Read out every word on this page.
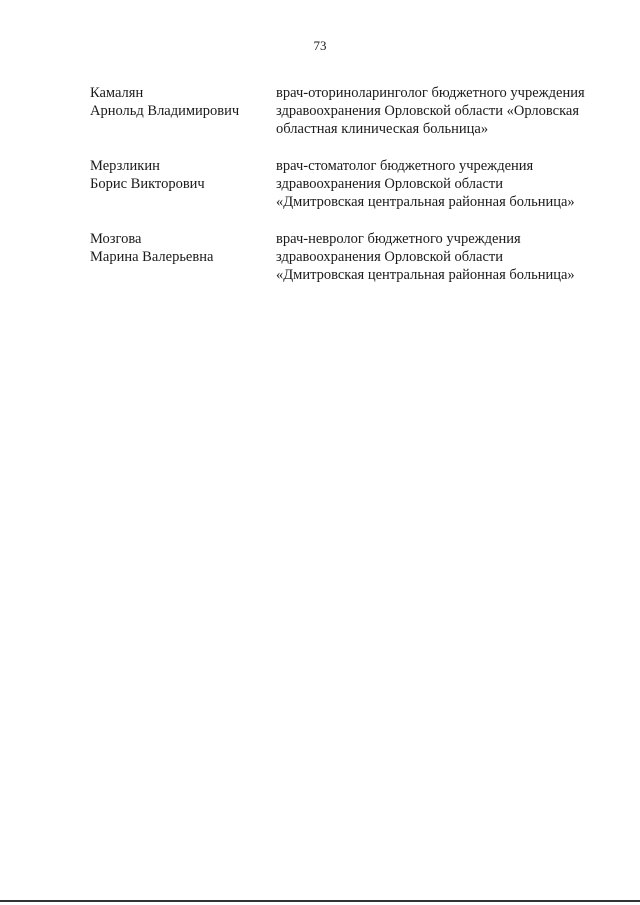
73
Камалян
Арнольд Владимирович
врач-оториноларинголог бюджетного учреждения
здравоохранения Орловской области «Орловская
областная клиническая больница»
Мерзликин
Борис Викторович
врач-стоматолог бюджетного учреждения
здравоохранения Орловской области
«Дмитровская центральная районная больница»
Мозгова
Марина Валерьевна
врач-невролог бюджетного учреждения
здравоохранения Орловской области
«Дмитровская центральная районная больница»
